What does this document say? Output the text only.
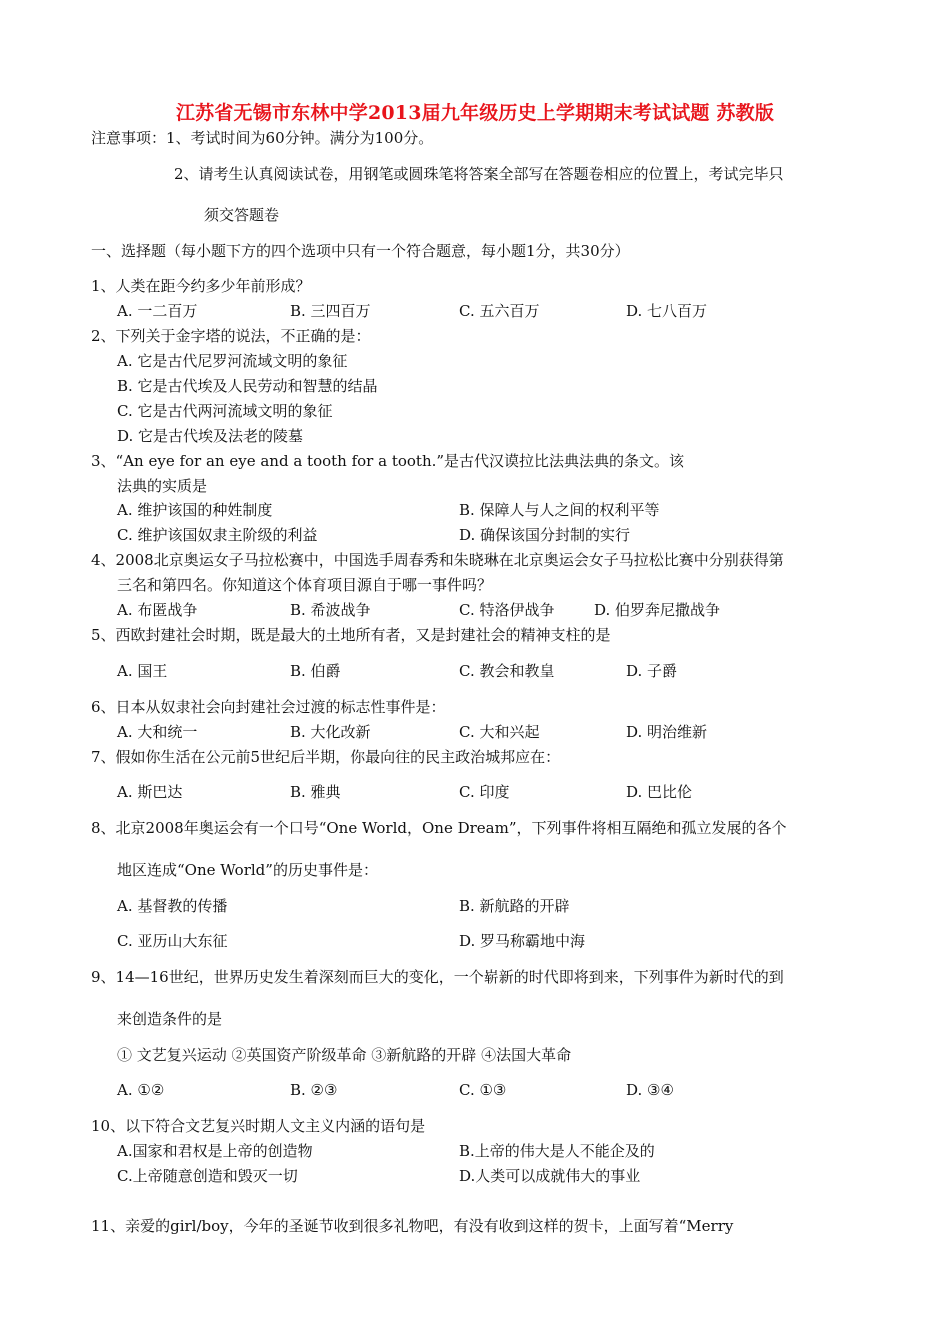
江苏省无锡市东林中学2013届九年级历史上学期期末考试试题 苏教版
注意事项：1、考试时间为60分钟。满分为100分。
2、请考生认真阅读试卷，用钢笔或圆珠笔将答案全部写在答题卷相应的位置上，考试完毕只
须交答题卷
一、选择题（每小题下方的四个选项中只有一个符合题意，每小题1分，共30分）
1、人类在距今约多少年前形成？
A. 一二百万	B. 三四百万	C. 五六百万	D. 七八百万
2、下列关于金字塔的说法，不正确的是：
A. 它是古代尼罗河流域文明的象征
B. 它是古代埃及人民劳动和智慧的结晶
C. 它是古代两河流域文明的象征
D. 它是古代埃及法老的陵墓
3、“An eye for an eye and a tooth for a tooth.”是古代汉谟拉比法典法典的条文。该
法典的实质是
A. 维护该国的种姓制度	B. 保障人与人之间的权利平等
C. 维护该国奴隶主阶级的利益	D. 确保该国分封制的实行
4、2008北京奥运女子马拉松赛中，中国选手周春秀和朱晓琳在北京奥运会女子马拉松比赛中分别获得第
三名和第四名。你知道这个体育项目源自于哪一事件吗？
A. 布匿战争	B. 希波战争	C. 特洛伊战争	D. 伯罗奔尼撒战争
5、西欧封建社会时期，既是最大的土地所有者，又是封建社会的精神支柱的是
A. 国王	B. 伯爵	C. 教会和教皇	D. 子爵
6、日本从奴隶社会向封建社会过渡的标志性事件是：
A. 大和统一	B. 大化改新	C. 大和兴起	D. 明治维新
7、假如你生活在公元前5世纪后半期，你最向往的民主政治城邦应在：
A. 斯巴达	B. 雅典	C. 印度	D. 巴比伦
8、北京2008年奥运会有一个口号“One World，One Dream”，下列事件将相互隔绝和孤立发展的各个
地区连成“One World”的历史事件是：
A. 基督教的传播	B. 新航路的开辟
C. 亚历山大东征	D. 罗马称霸地中海
9、14—16世纪，世界历史发生着深刻而巨大的变化，一个崭新的时代即将到来，下列事件为新时代的到
来创造条件的是
① 文艺复兴运动 ②英国资产阶级革命 ③新航路的开辟 ④法国大革命
A. ①②	B. ②③	C. ①③	D. ③④
10、以下符合文艺复兴时期人文主义内涵的语句是
A.国家和君权是上帝的创造物	B.上帝的伟大是人不能企及的
C.上帝随意创造和毁灭一切	D.人类可以成就伟大的事业
11、亲爱的girl/boy，今年的圣诞节收到很多礼物吧，有没有收到这样的贺卡，上面写着“Merry
